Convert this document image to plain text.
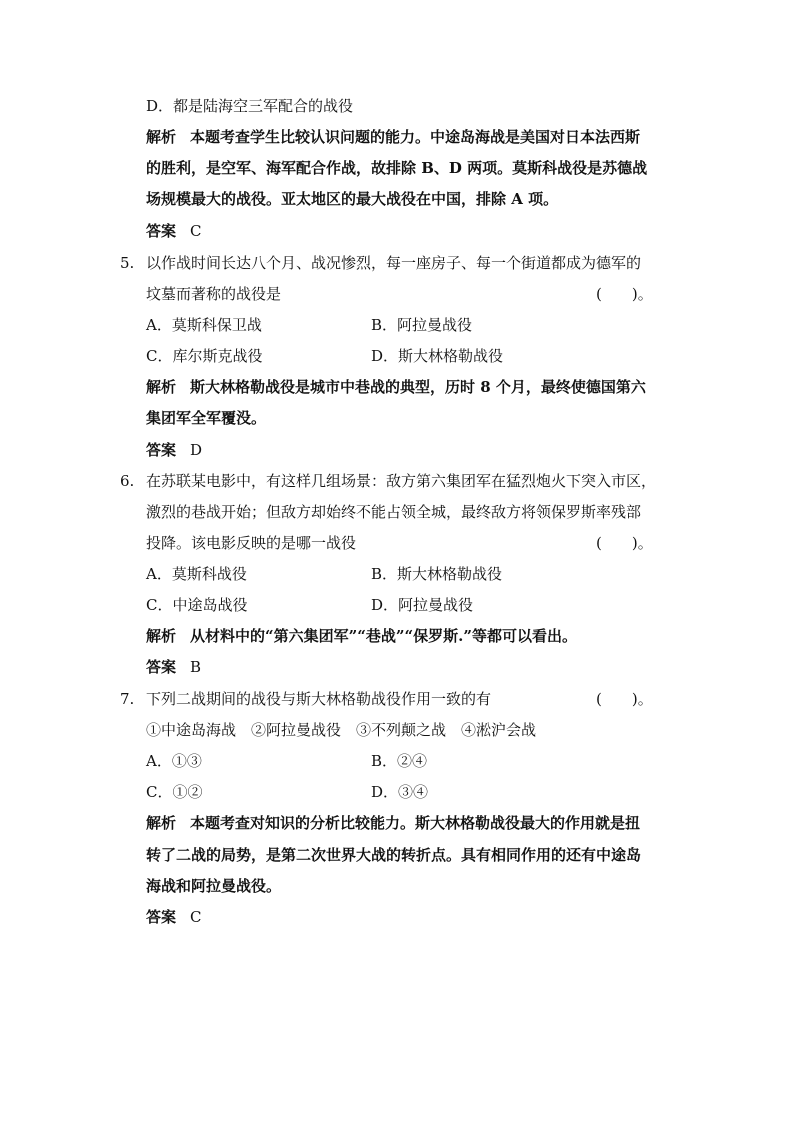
D．都是陆海空三军配合的战役
解析 本题考查学生比较认识问题的能力。中途岛海战是美国对日本法西斯
的胜利，是空军、海军配合作战，故排除 B、D 两项。莫斯科战役是苏德战
场规模最大的战役。亚太地区的最大战役在中国，排除 A 项。
答案 C
5. 以作战时间长达八个月、战况惨烈，每一座房子、每一个街道都成为德军的
坟墓而著称的战役是	(　　)。
A．莫斯科保卫战	B．阿拉曼战役
C．库尔斯克战役	D．斯大林格勒战役
解析 斯大林格勒战役是城市中巷战的典型，历时 8 个月，最终使德国第六
集团军全军覆没。
答案 D
6. 在苏联某电影中，有这样几组场景：敌方第六集团军在猛烈炮火下突入市区，
激烈的巷战开始；但敌方却始终不能占领全城，最终敌方将领保罗斯率残部
投降。该电影反映的是哪一战役	(　　)。
A．莫斯科战役	B．斯大林格勒战役
C．中途岛战役	D．阿拉曼战役
解析 从材料中的“第六集团军”“巷战”“保罗斯.”等都可以看出。
答案 B
7. 下列二战期间的战役与斯大林格勒战役作用一致的有	(　　)。
①中途岛海战　②阿拉曼战役　③不列颠之战　④淞沪会战
A．①③	B．②④
C．①②	D．③④
解析 本题考查对知识的分析比较能力。斯大林格勒战役最大的作用就是扭
转了二战的局势，是第二次世界大战的转折点。具有相同作用的还有中途岛
海战和阿拉曼战役。
答案 C
